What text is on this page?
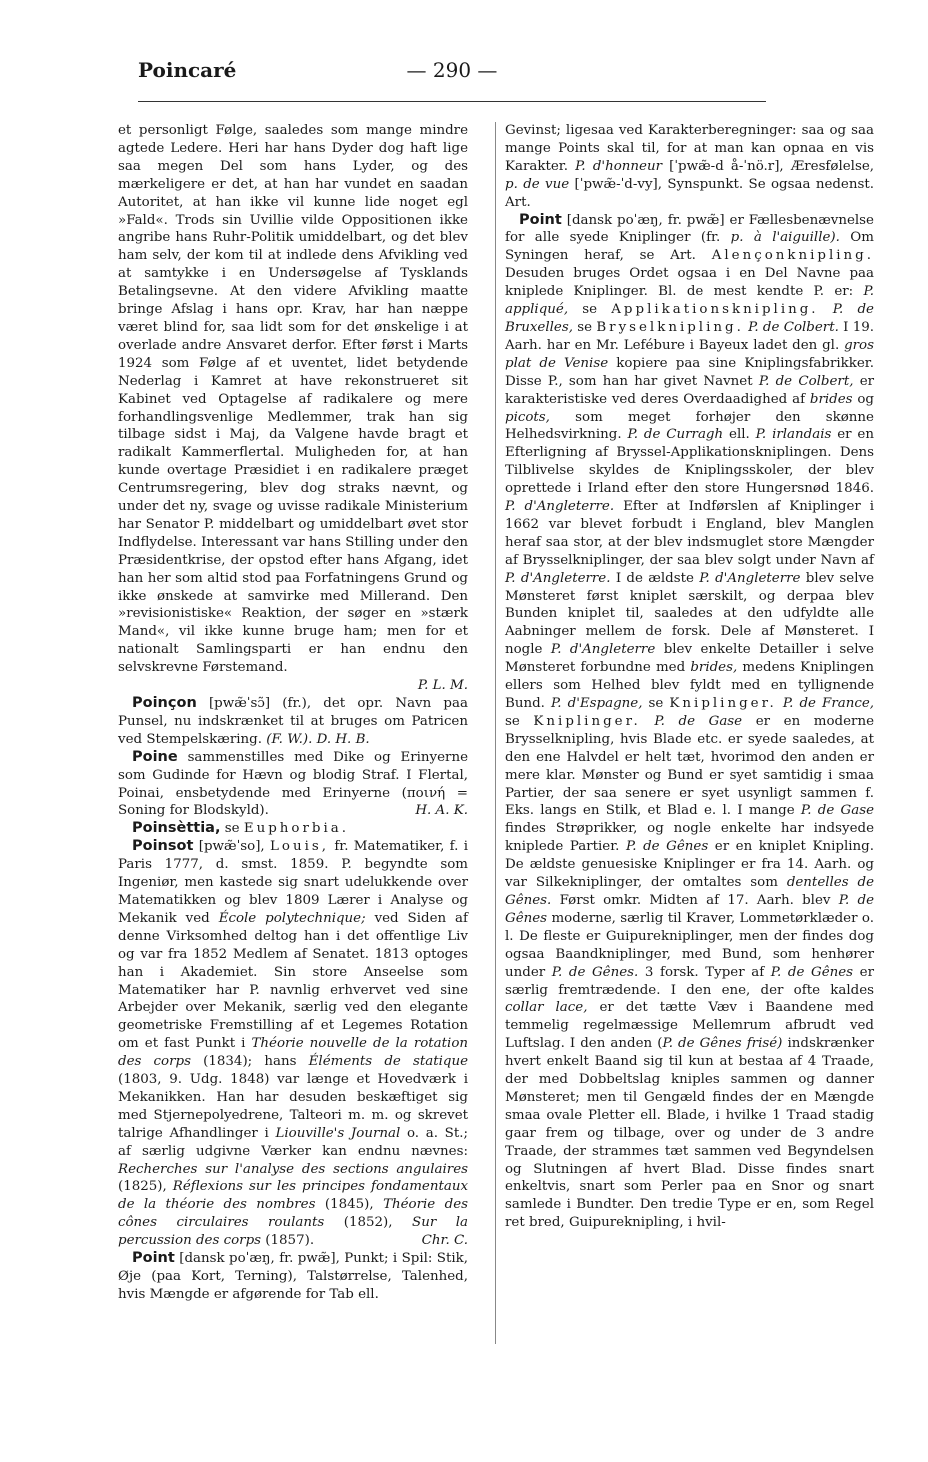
Poincaré	— 290 —

et personligt Følge, saaledes som mange mindre agtede Ledere. Heri har hans Dyder dog haft lige saa megen Del som hans Lyder, og des mærkeligere er det, at han har vundet en saadan Autoritet, at han ikke vil kunne lide noget egl »Fald«. Trods sin Uvillie vilde Oppositionen ikke angribe hans Ruhr-Politik umiddelbart, og det blev ham selv, der kom til at indlede dens Afvikling ved at samtykke i en Undersøgelse af Tysklands Betalingsevne. At den videre Afvikling maatte bringe Afslag i hans opr. Krav, har han næppe været blind for, saa lidt som for det ønskelige i at overlade andre Ansvaret derfor. Efter først i Marts 1924 som Følge af et uventet, lidet betydende Nederlag i Kamret at have rekonstrueret sit Kabinet ved Optagelse af radikalere og mere forhandlingsvenlige Medlemmer, trak han sig tilbage sidst i Maj, da Valgene havde bragt et radikalt Kammerflertal. Muligheden for, at han kunde overtage Præsidiet i en radikalere præget Centrumsregering, blev dog straks nævnt, og under det ny, svage og uvisse radikale Ministerium har Senator P. middelbart og umiddelbart øvet stor Indflydelse. Interessant var hans Stilling under den Præsidentkrise, der opstod efter hans Afgang, idet han her som altid stod paa Forfatningens Grund og ikke ønskede at samvirke med Millerand. Den »revisionistiske« Reaktion, der søger en »stærk Mand«, vil ikke kunne bruge ham; men for et nationalt Samlingsparti er han endnu den selvskrevne Førstemand.
P. L. M.

Poinçon [pwæ̃ˈsɔ̃] (fr.), det opr. Navn paa Punsel, nu indskrænket til at bruges om Patricen ved Stempelskæring. (F. W.). D. H. B.

Poine sammenstilles med Dike og Erinyerne som Gudinde for Hævn og blodig Straf. I Flertal, Poinai, ensbetydende med Erinyerne (ποινή = Soning for Blodskyld).	H. A. K.

Poinsèttia, se Euphorbia.

Poinsot [pwæ̃ˈso], Louis, fr. Matematiker, f. i Paris 1777, d. smst. 1859. P. begyndte som Ingeniør, men kastede sig snart udelukkende over Matematikken og blev 1809 Lærer i Analyse og Mekanik ved École polytechnique; ved Siden af denne Virksomhed deltog han i det offentlige Liv og var fra 1852 Medlem af Senatet. 1813 optoges han i Akademiet. Sin store Anseelse som Matematiker har P. navnlig erhvervet ved sine Arbejder over Mekanik, særlig ved den elegante geometriske Fremstilling af et Legemes Rotation om et fast Punkt i Théorie nouvelle de la rotation des corps (1834); hans Éléments de statique (1803, 9. Udg. 1848) var længe et Hovedværk i Mekanikken. Han har desuden beskæftiget sig med Stjernepolyedrene, Talteori m. m. og skrevet talrige Afhandlinger i Liouville's Journal o. a. St.; af særlig udgivne Værker kan endnu nævnes: Recherches sur l'analyse des sections angulaires (1825), Réflexions sur les principes fondamentaux de la théorie des nombres (1845), Théorie des cônes circulaires roulants (1852), Sur la percussion des corps (1857).	Chr. C.

Point [dansk poˈæŋ, fr. pwæ̃], Punkt; i Spil: Stik, Øje (paa Kort, Terning), Talstørrelse, Talenhed, hvis Mængde er afgørende for Tab ell.

Gevinst; ligesaa ved Karakterberegninger: saa og saa mange Points skal til, for at man kan opnaa en vis Karakter. P. d'honneur [ˈpwæ̃-d å-ˈnö.r], Æresfølelse, p. de vue [ˈpwæ̃-ˈd-vy], Synspunkt. Se ogsaa nedenst. Art.

Point [dansk poˈæŋ, fr. pwæ̃] er Fællesbenævnelse for alle syede Kniplinger (fr. p. à l'aiguille). Om Syningen heraf, se Art. Alençonknipling. Desuden bruges Ordet ogsaa i en Del Navne paa kniplede Kniplinger. Bl. de mest kendte P. er: P. appliqué, se Applikationsknipling. P. de Bruxelles, se Bryselknipling. P. de Colbert. I 19. Aarh. har en Mr. Lefébure i Bayeux ladet den gl. gros plat de Venise kopiere paa sine Kniplingsfabrikker. Disse P., som han har givet Navnet P. de Colbert, er karakteristiske ved deres Overdaadighed af brides og picots, som meget forhøjer den skønne Helhedsvirkning. P. de Curragh ell. P. irlandais er en Efterligning af Bryssel-Applikationskniplingen. Dens Tilblivelse skyldes de Kniplingsskoler, der blev oprettede i Irland efter den store Hungersnød 1846. P. d'Angleterre. Efter at Indførslen af Kniplinger i 1662 var blevet forbudt i England, blev Manglen heraf saa stor, at der blev indsmuglet store Mængder af Brysselkniplinger, der saa blev solgt under Navn af P. d'Angleterre. I de ældste P. d'Angleterre blev selve Mønsteret først kniplet særskilt, og derpaa blev Bunden kniplet til, saaledes at den udfyldte alle Aabninger mellem de forsk. Dele af Mønsteret. I nogle P. d'Angleterre blev enkelte Detailler i selve Mønsteret forbundne med brides, medens Kniplingen ellers som Helhed blev fyldt med en tyllignende Bund. P. d'Espagne, se Kniplinger. P. de France, se Kniplinger. P. de Gase er en moderne Brysselknipling, hvis Blade etc. er syede saaledes, at den ene Halvdel er helt tæt, hvorimod den anden er mere klar. Mønster og Bund er syet samtidig i smaa Partier, der saa senere er syet usynligt sammen f. Eks. langs en Stilk, et Blad e. l. I mange P. de Gase findes Strøprikker, og nogle enkelte har indsyede kniplede Partier. P. de Gênes er en kniplet Knipling. De ældste genuesiske Kniplinger er fra 14. Aarh. og var Silkekniplinger, der omtaltes som dentelles de Gênes. Først omkr. Midten af 17. Aarh. blev P. de Gênes moderne, særlig til Kraver, Lommetørklæder o. l. De fleste er Guipurekniplinger, men der findes dog ogsaa Baandkniplinger, med Bund, som henhører under P. de Gênes. 3 forsk. Typer af P. de Gênes er særlig fremtrædende. I den ene, der ofte kaldes collar lace, er det tætte Væv i Baandene med temmelig regelmæssige Mellemrum afbrudt ved Luftslag. I den anden (P. de Gênes frisé) indskrænker hvert enkelt Baand sig til kun at bestaa af 4 Traade, der med Dobbeltslag kniples sammen og danner Mønsteret; men til Gengæld findes der en Mængde smaa ovale Pletter ell. Blade, i hvilke 1 Traad stadig gaar frem og tilbage, over og under de 3 andre Traade, der strammes tæt sammen ved Begyndelsen og Slutningen af hvert Blad. Disse findes snart enkeltvis, snart som Perler paa en Snor og snart samlede i Bundter. Den tredie Type er en, som Regel ret bred, Guipureknipling, i hvil-
